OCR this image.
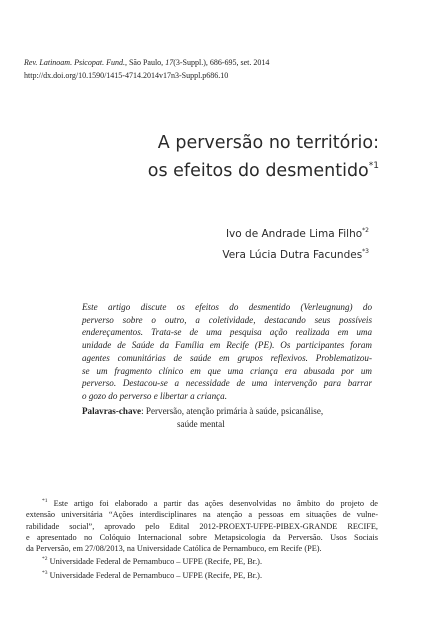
Rev. Latinoam. Psicopat. Fund., São Paulo, 17(3-Suppl.), 686-695, set. 2014
http://dx.doi.org/10.1590/1415-4714.2014v17n3-Suppl.p686.10
A perversão no território:
os efeitos do desmentido$^{*1}$
Ivo de Andrade Lima Filho$^{*2}$
Vera Lúcia Dutra Facundes$^{*3}$
Este artigo discute os efeitos do desmentido (Verleugnung) do
perverso sobre o outro, a coletividade, destacando seus possíveis
endereçamentos. Trata-se de uma pesquisa ação realizada em uma
unidade de Saúde da Família em Recife (PE). Os participantes foram
agentes comunitárias de saúde em grupos reflexivos. Problematizou-
se um fragmento clínico em que uma criança era abusada por um
perverso. Destacou-se a necessidade de uma intervenção para barrar
o gozo do perverso e libertar a criança.
Palavras-chave: Perversão, atenção primária à saúde, psicanálise,
saúde mental
$^{*1}$ Este artigo foi elaborado a partir das ações desenvolvidas no âmbito do projeto de
extensão universitária “Ações interdisciplinares na atenção a pessoas em situações de vulne-
rabilidade social”, aprovado pelo Edital 2012-PROEXT-UFPE-PIBEX-GRANDE RECIFE,
e apresentado no Colóquio Internacional sobre Metapsicologia da Perversão. Usos Sociais
da Perversão, em 27/08/2013, na Universidade Católica de Pernambuco, em Recife (PE).
$^{*2}$ Universidade Federal de Pernambuco – UFPE (Recife, PE, Br.).
$^{*3}$ Universidade Federal de Pernambuco – UFPE (Recife, PE, Br.).
